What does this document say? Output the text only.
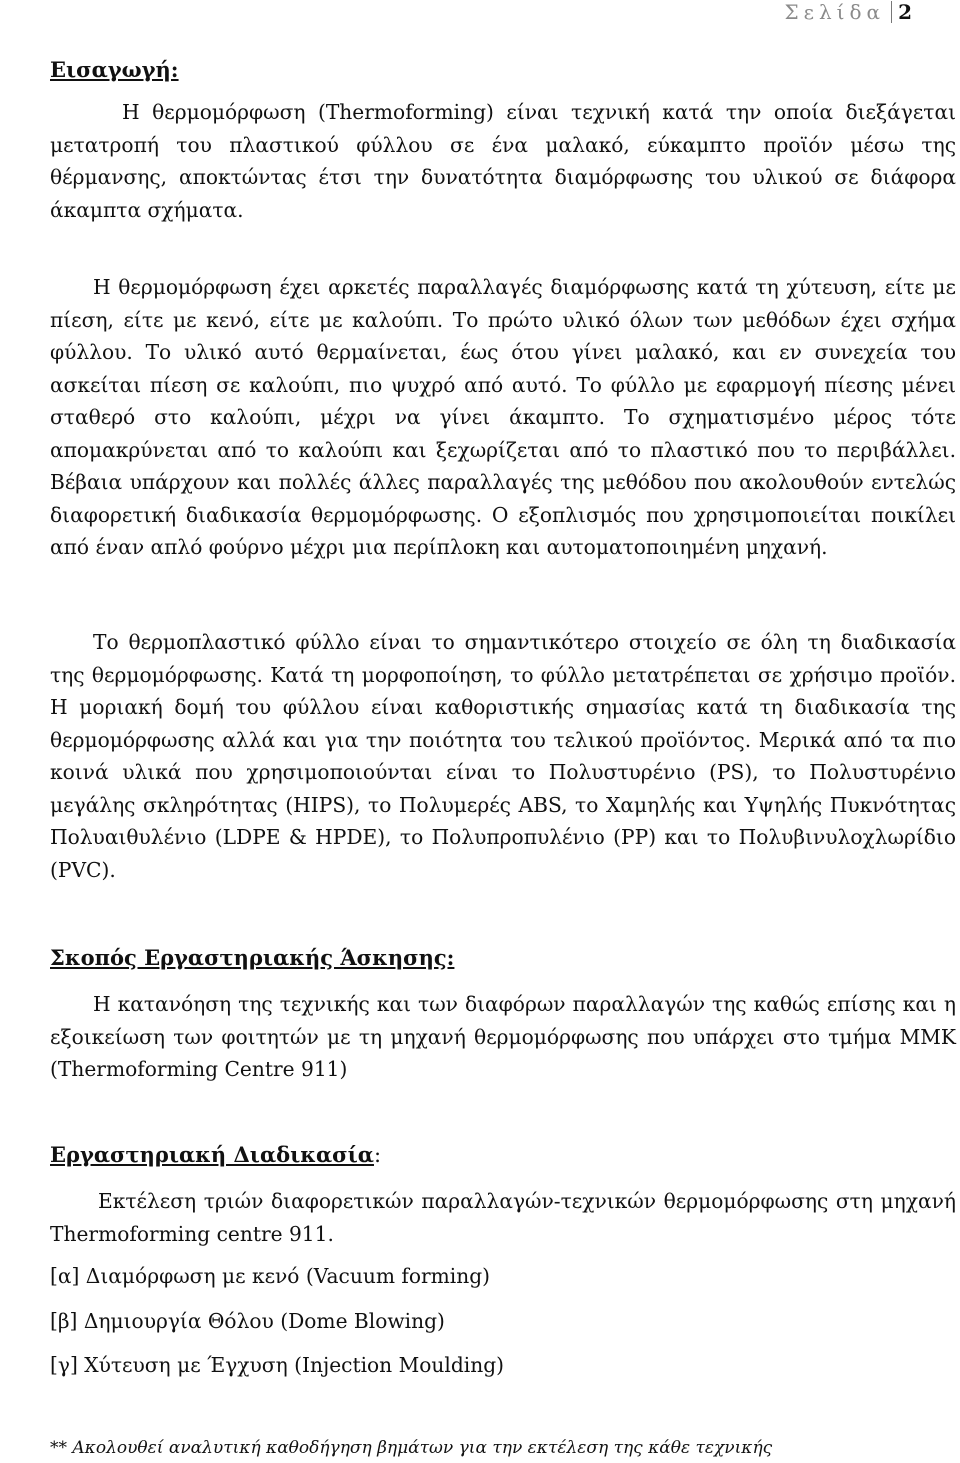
Σελίδα 2
Εισαγωγή:

Η θερμομόρφωση (Thermoforming) είναι τεχνική κατά την οποία διεξάγεται μετατροπή του πλαστικού φύλλου σε ένα μαλακό, εύκαμπτο προϊόν μέσω της θέρμανσης, αποκτώντας έτσι την δυνατότητα διαμόρφωσης του υλικού σε διάφορα άκαμπτα σχήματα.

Η θερμομόρφωση έχει αρκετές παραλλαγές διαμόρφωσης κατά τη χύτευση, είτε με πίεση, είτε με κενό, είτε με καλούπι. Το πρώτο υλικό όλων των μεθόδων έχει σχήμα φύλλου. Το υλικό αυτό θερμαίνεται, έως ότου γίνει μαλακό, και εν συνεχεία του ασκείται πίεση σε καλούπι, πιο ψυχρό από αυτό. Το φύλλο με εφαρμογή πίεσης μένει σταθερό στο καλούπι, μέχρι να γίνει άκαμπτο. Το σχηματισμένο μέρος τότε απομακρύνεται από το καλούπι και ξεχωρίζεται από το πλαστικό που το περιβάλλει. Βέβαια υπάρχουν και πολλές άλλες παραλλαγές της μεθόδου που ακολουθούν εντελώς διαφορετική διαδικασία θερμομόρφωσης. Ο εξοπλισμός που χρησιμοποιείται ποικίλει από έναν απλό φούρνο μέχρι μια περίπλοκη και αυτοματοποιημένη μηχανή.

Το θερμοπλαστικό φύλλο είναι το σημαντικότερο στοιχείο σε όλη τη διαδικασία της θερμομόρφωσης. Κατά τη μορφοποίηση, το φύλλο μετατρέπεται σε χρήσιμο προϊόν. Η μοριακή δομή του φύλλου είναι καθοριστικής σημασίας κατά τη διαδικασία της θερμομόρφωσης αλλά και για την ποιότητα του τελικού προϊόντος. Μερικά από τα πιο κοινά υλικά που χρησιμοποιούνται είναι το Πολυστυρένιο (PS), το Πολυστυρένιο μεγάλης σκληρότητας (HIPS), το Πολυμερές ABS, το Χαμηλής και Υψηλής Πυκνότητας Πολυαιθυλένιο (LDPE & HPDE), το Πολυπροπυλένιο (PP) και το Πολυβινυλοχλωρίδιο (PVC).

Σκοπός Εργαστηριακής Άσκησης:

Η κατανόηση της τεχνικής και των διαφόρων παραλλαγών της καθώς επίσης και η εξοικείωση των φοιτητών με τη μηχανή θερμομόρφωσης που υπάρχει στο τμήμα ΜΜΚ (Thermoforming Centre 911)

Εργαστηριακή Διαδικασία:

Εκτέλεση τριών διαφορετικών παραλλαγών-τεχνικών θερμομόρφωσης στη μηχανή Thermoforming centre 911.

[α] Διαμόρφωση με κενό (Vacuum forming)
[β] Δημιουργία Θόλου (Dome Blowing)
[γ] Χύτευση με Έγχυση (Injection Moulding)
** Ακολουθεί αναλυτική καθοδήγηση βημάτων για την εκτέλεση της κάθε τεχνικής
